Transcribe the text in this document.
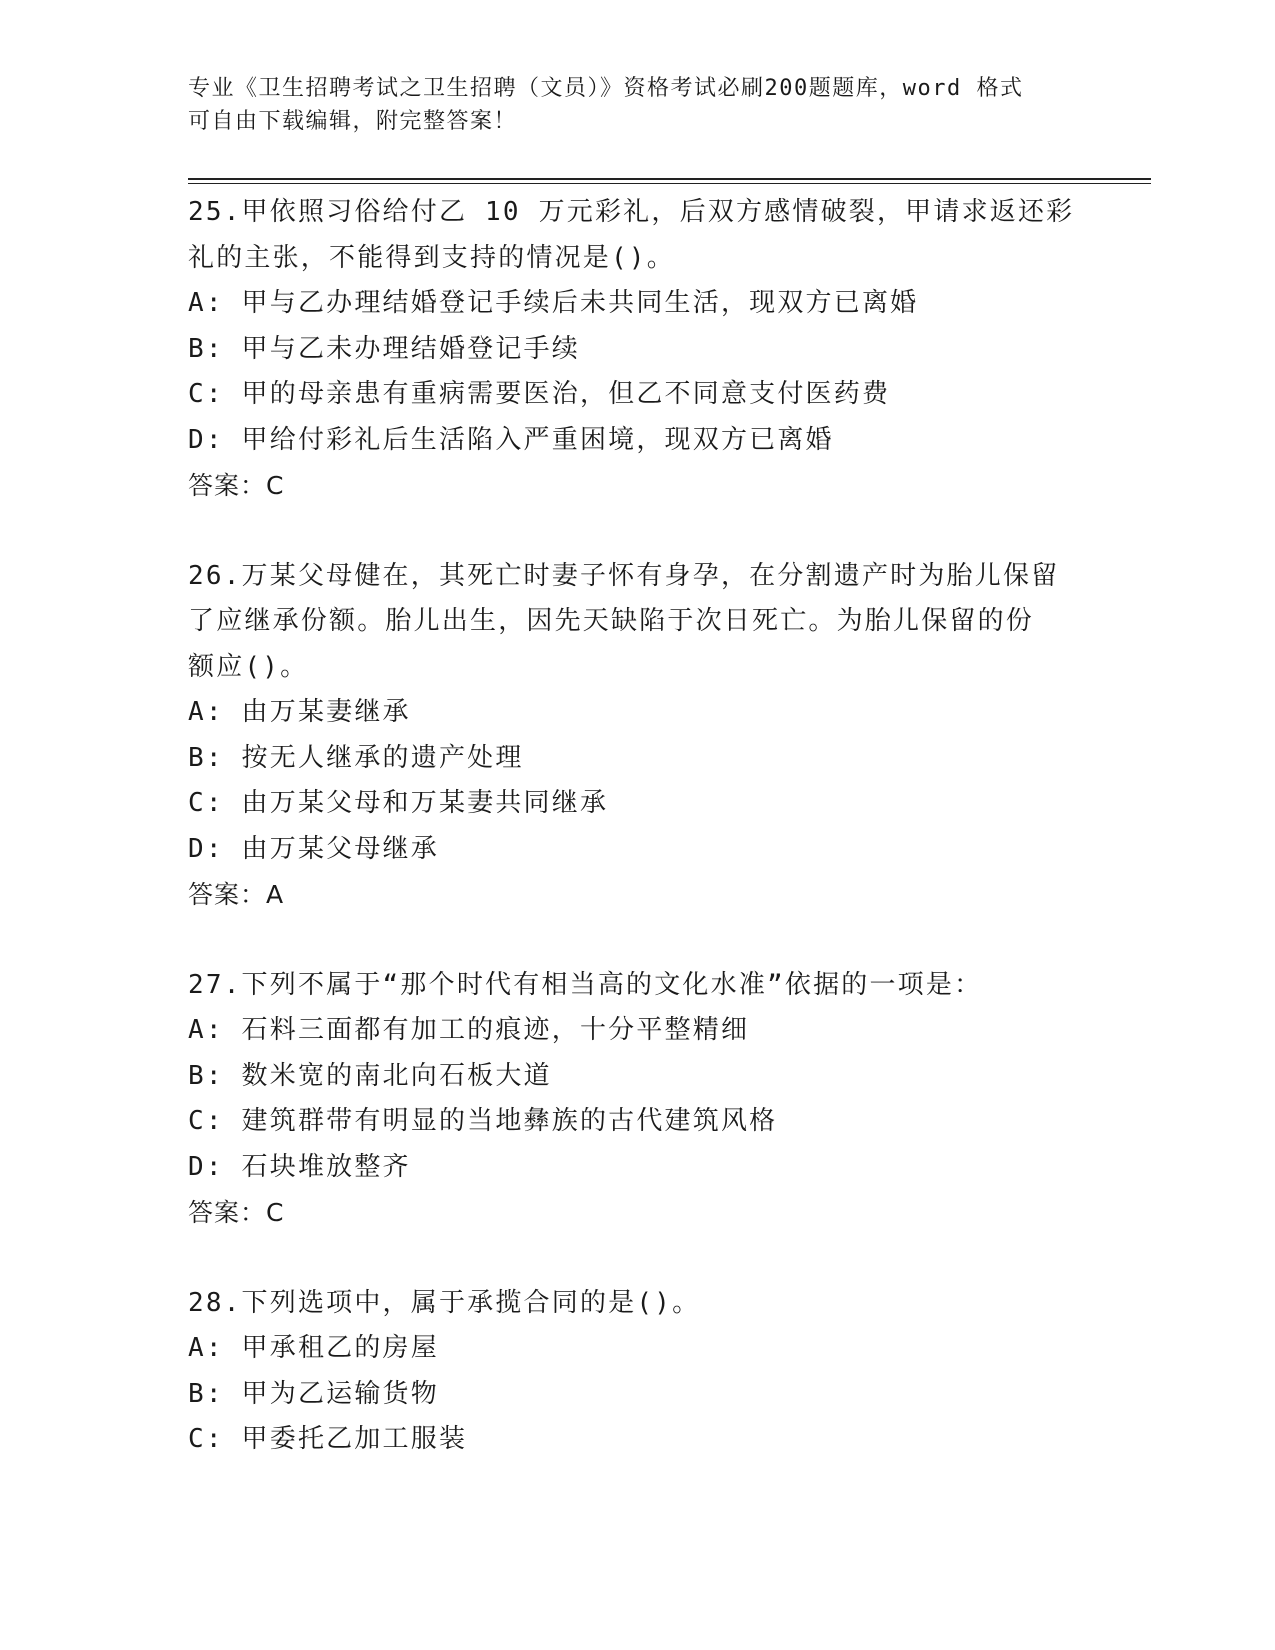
专业《卫生招聘考试之卫生招聘（文员）》资格考试必刷200题题库，word 格式
可自由下载编辑，附完整答案！
25.甲依照习俗给付乙 10 万元彩礼，后双方感情破裂，甲请求返还彩
礼的主张，不能得到支持的情况是()。
A: 甲与乙办理结婚登记手续后未共同生活，现双方已离婚
B: 甲与乙未办理结婚登记手续
C: 甲的母亲患有重病需要医治，但乙不同意支付医药费
D: 甲给付彩礼后生活陷入严重困境，现双方已离婚
答案：C
26.万某父母健在，其死亡时妻子怀有身孕，在分割遗产时为胎儿保留
了应继承份额。胎儿出生，因先天缺陷于次日死亡。为胎儿保留的份
额应()。
A: 由万某妻继承
B: 按无人继承的遗产处理
C: 由万某父母和万某妻共同继承
D: 由万某父母继承
答案：A
27.下列不属于“那个时代有相当高的文化水准”依据的一项是：
A: 石料三面都有加工的痕迹，十分平整精细
B: 数米宽的南北向石板大道
C: 建筑群带有明显的当地彝族的古代建筑风格
D: 石块堆放整齐
答案：C
28.下列选项中，属于承揽合同的是()。
A: 甲承租乙的房屋
B: 甲为乙运输货物
C: 甲委托乙加工服装
